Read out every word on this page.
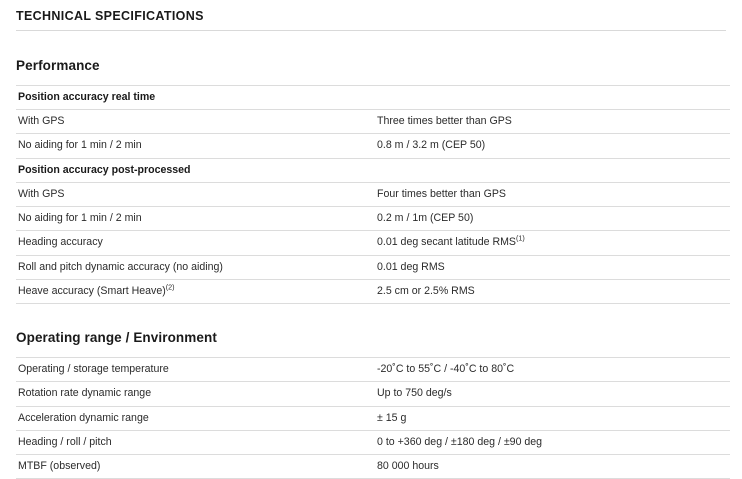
TECHNICAL SPECIFICATIONS
Performance
Position accuracy real time	
With GPS	Three times better than GPS
No aiding for 1 min / 2 min	0.8 m / 3.2 m (CEP 50)
Position accuracy post-processed	
With GPS	Four times better than GPS
No aiding for 1 min / 2 min	0.2 m / 1m (CEP 50)
Heading accuracy	0.01 deg secant latitude RMS$^{(1)}$
Roll and pitch dynamic accuracy (no aiding)	0.01 deg RMS
Heave accuracy (Smart Heave)$^{(2)}$	2.5 cm or 2.5% RMS
Operating range / Environment
Operating / storage temperature	-20˚C to 55˚C / -40˚C to 80˚C
Rotation rate dynamic range	Up to 750 deg/s
Acceleration dynamic range	± 15 g
Heading / roll / pitch	0 to +360 deg / ±180 deg / ±90 deg
MTBF (observed)	80 000 hours
